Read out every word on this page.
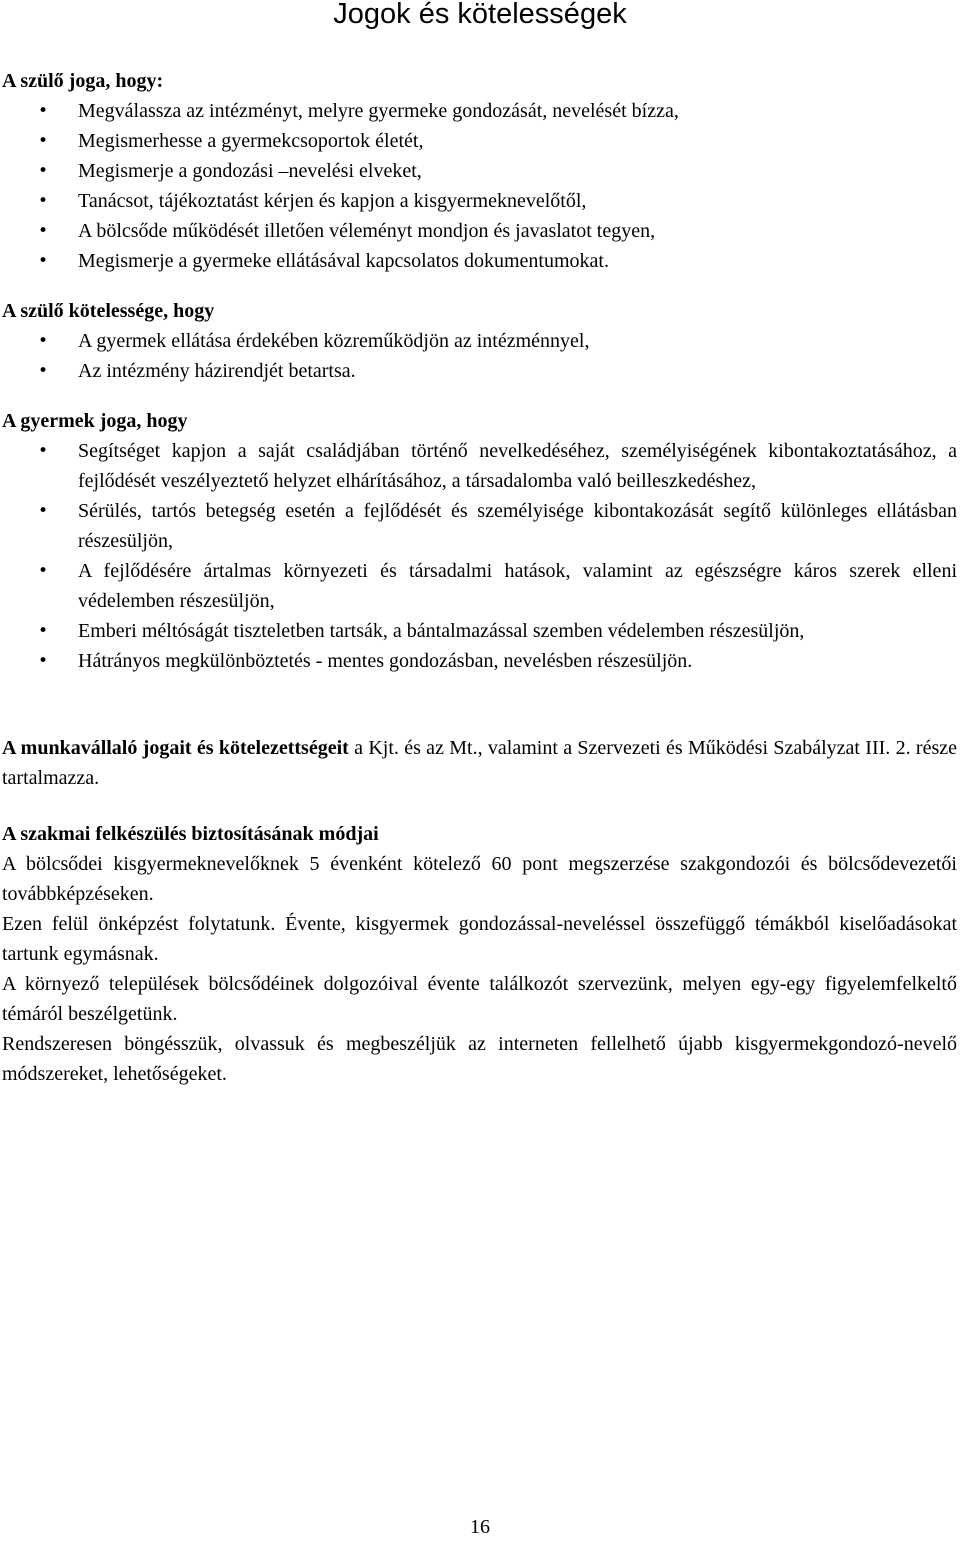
Jogok és kötelességek
A szülő joga, hogy:
• Megválassza az intézményt, melyre gyermeke gondozását, nevelését bízza,
• Megismerhesse a gyermekcsoportok életét,
• Megismerje a gondozási –nevelési elveket,
• Tanácsot, tájékoztatást kérjen és kapjon a kisgyermeknevelőtől,
• A bölcsőde működését illetően véleményt mondjon és javaslatot tegyen,
• Megismerje a gyermeke ellátásával kapcsolatos dokumentumokat.
A szülő kötelessége, hogy
• A gyermek ellátása érdekében közreműködjön az intézménnyel,
• Az intézmény házirendjét betartsa.
A gyermek joga, hogy
• Segítséget kapjon a saját családjában történő nevelkedéséhez, személyiségének kibontakoztatásához, a fejlődését veszélyeztető helyzet elhárításához, a társadalomba való beilleszkedéshez,
• Sérülés, tartós betegség esetén a fejlődését és személyisége kibontakozását segítő különleges ellátásban részesüljön,
• A fejlődésére ártalmas környezeti és társadalmi hatások, valamint az egészségre káros szerek elleni védelemben részesüljön,
• Emberi méltóságát tiszteletben tartsák, a bántalmazással szemben védelemben részesüljön,
• Hátrányos megkülönböztetés - mentes gondozásban, nevelésben részesüljön.

A munkavállaló jogait és kötelezettségeit a Kjt. és az Mt., valamint a Szervezeti és Működési Szabályzat III. 2. része tartalmazza.

A szakmai felkészülés biztosításának módjai

A bölcsődei kisgyermeknevelőknek 5 évenként kötelező 60 pont megszerzése szakgondozói és bölcsődevezetői továbbképzéseken.

Ezen felül önképzést folytatunk. Évente, kisgyermek gondozással-neveléssel összefüggő témákból kiselőadásokat tartunk egymásnak.

A környező települések bölcsődéinek dolgozóival évente találkozót szervezünk, melyen egy-egy figyelemfelkeltő témáról beszélgetünk.

Rendszeresen böngésszük, olvassuk és megbeszéljük az interneten fellelhető újabb kisgyermekgondozó-nevelő módszereket, lehetőségeket.

16
